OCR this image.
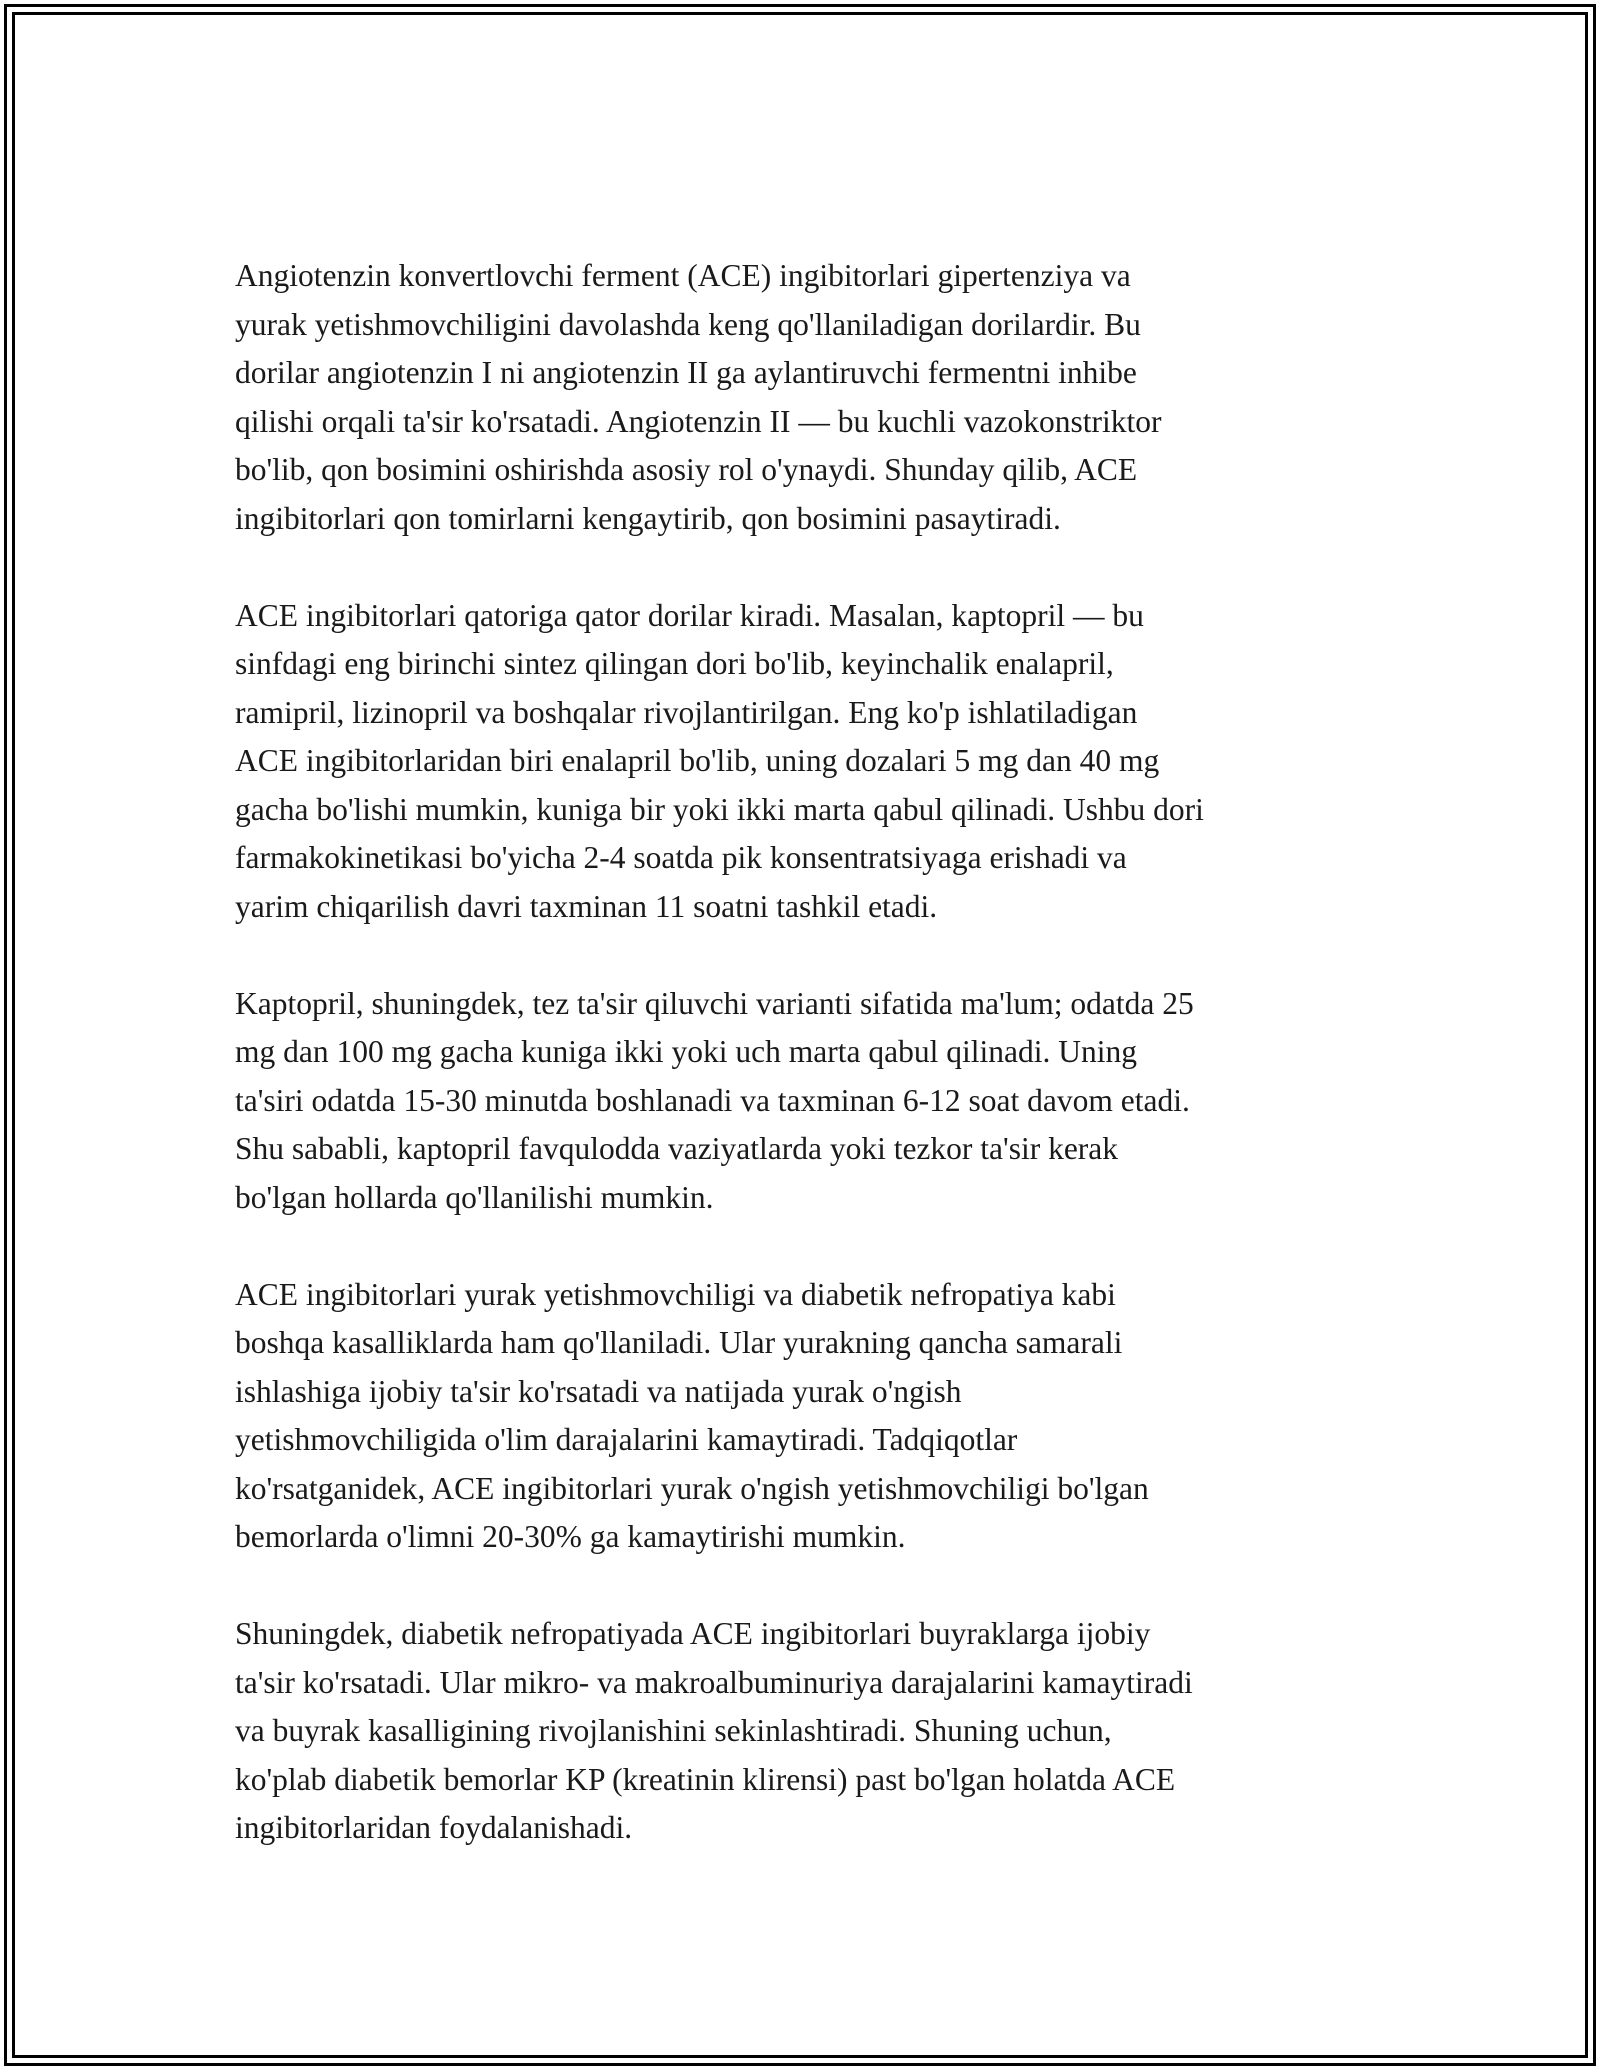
Angiotenzin konvertlovchi ferment (ACE) ingibitorlari gipertenziya va
yurak yetishmovchiligini davolashda keng qo'llaniladigan dorilardir. Bu
dorilar angiotenzin I ni angiotenzin II ga aylantiruvchi fermentni inhibe
qilishi orqali ta'sir ko'rsatadi. Angiotenzin II — bu kuchli vazokonstriktor
bo'lib, qon bosimini oshirishda asosiy rol o'ynaydi. Shunday qilib, ACE
ingibitorlari qon tomirlarni kengaytirib, qon bosimini pasaytiradi.

ACE ingibitorlari qatoriga qator dorilar kiradi. Masalan, kaptopril — bu
sinfdagi eng birinchi sintez qilingan dori bo'lib, keyinchalik enalapril,
ramipril, lizinopril va boshqalar rivojlantirilgan. Eng ko'p ishlatiladigan
ACE ingibitorlaridan biri enalapril bo'lib, uning dozalari 5 mg dan 40 mg
gacha bo'lishi mumkin, kuniga bir yoki ikki marta qabul qilinadi. Ushbu dori
farmakokinetikasi bo'yicha 2-4 soatda pik konsentratsiyaga erishadi va
yarim chiqarilish davri taxminan 11 soatni tashkil etadi.

Kaptopril, shuningdek, tez ta'sir qiluvchi varianti sifatida ma'lum; odatda 25
mg dan 100 mg gacha kuniga ikki yoki uch marta qabul qilinadi. Uning
ta'siri odatda 15-30 minutda boshlanadi va taxminan 6-12 soat davom etadi.
Shu sababli, kaptopril favqulodda vaziyatlarda yoki tezkor ta'sir kerak
bo'lgan hollarda qo'llanilishi mumkin.

ACE ingibitorlari yurak yetishmovchiligi va diabetik nefropatiya kabi
boshqa kasalliklarda ham qo'llaniladi. Ular yurakning qancha samarali
ishlashiga ijobiy ta'sir ko'rsatadi va natijada yurak o'ngish
yetishmovchiligida o'lim darajalarini kamaytiradi. Tadqiqotlar
ko'rsatganidek, ACE ingibitorlari yurak o'ngish yetishmovchiligi bo'lgan
bemorlarda o'limni 20-30% ga kamaytirishi mumkin.

Shuningdek, diabetik nefropatiyada ACE ingibitorlari buyraklarga ijobiy
ta'sir ko'rsatadi. Ular mikro- va makroalbuminuriya darajalarini kamaytiradi
va buyrak kasalligining rivojlanishini sekinlashtiradi. Shuning uchun,
ko'plab diabetik bemorlar KP (kreatinin klirensi) past bo'lgan holatda ACE
ingibitorlaridan foydalanishadi.
